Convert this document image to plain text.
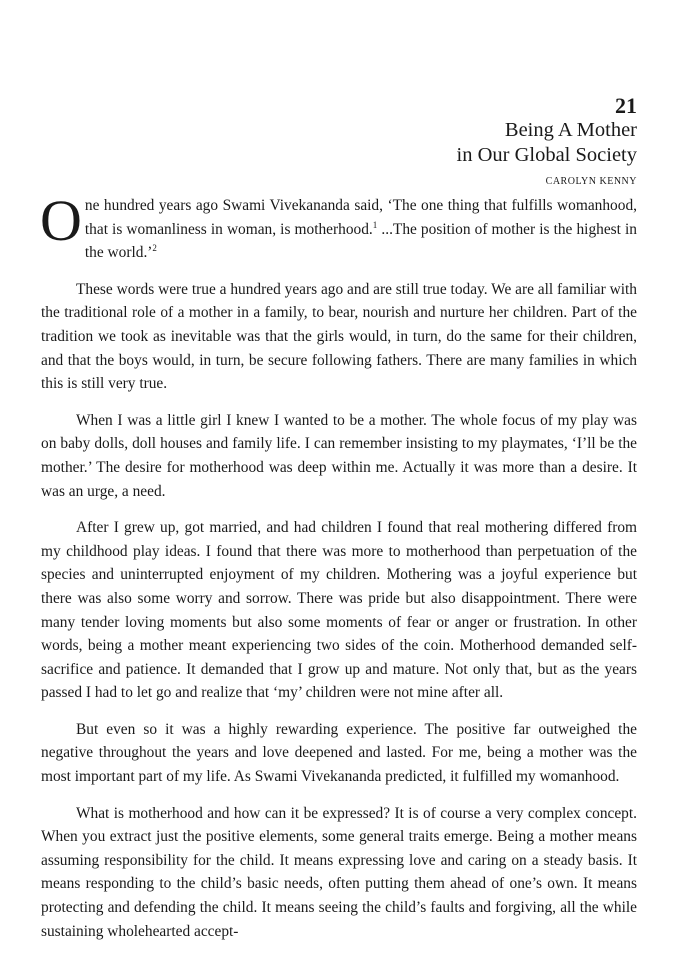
21
Being A Mother
in Our Global Society
CAROLYN KENNY

One hundred years ago Swami Vivekananda said, ‘The one thing that fulfills womanhood, that is womanliness in woman, is motherhood.$^1$ ...The position of mother is the highest in the world.’$^2$

These words were true a hundred years ago and are still true today. We are all familiar with the traditional role of a mother in a family, to bear, nourish and nurture her children. Part of the tradition we took as inevitable was that the girls would, in turn, do the same for their children, and that the boys would, in turn, be secure following fathers. There are many families in which this is still very true.

When I was a little girl I knew I wanted to be a mother. The whole focus of my play was on baby dolls, doll houses and family life. I can remember insisting to my playmates, ‘I’ll be the mother.’ The desire for motherhood was deep within me. Actually it was more than a desire. It was an urge, a need.

After I grew up, got married, and had children I found that real mothering differed from my childhood play ideas. I found that there was more to motherhood than perpetuation of the species and uninterrupted enjoyment of my children. Mothering was a joyful experience but there was also some worry and sorrow. There was pride but also disappointment. There were many tender loving moments but also some moments of fear or anger or frustration. In other words, being a mother meant experiencing two sides of the coin. Motherhood demanded self-sacrifice and patience. It demanded that I grow up and mature. Not only that, but as the years passed I had to let go and realize that ‘my’ children were not mine after all.

But even so it was a highly rewarding experience. The positive far outweighed the negative throughout the years and love deepened and lasted. For me, being a mother was the most important part of my life. As Swami Vivekananda predicted, it fulfilled my womanhood.

What is motherhood and how can it be expressed? It is of course a very complex concept. When you extract just the positive elements, some general traits emerge. Being a mother means assuming responsibility for the child. It means expressing love and caring on a steady basis. It means responding to the child’s basic needs, often putting them ahead of one’s own. It means protecting and defending the child. It means seeing the child’s faults and forgiving, all the while sustaining wholehearted accept-
